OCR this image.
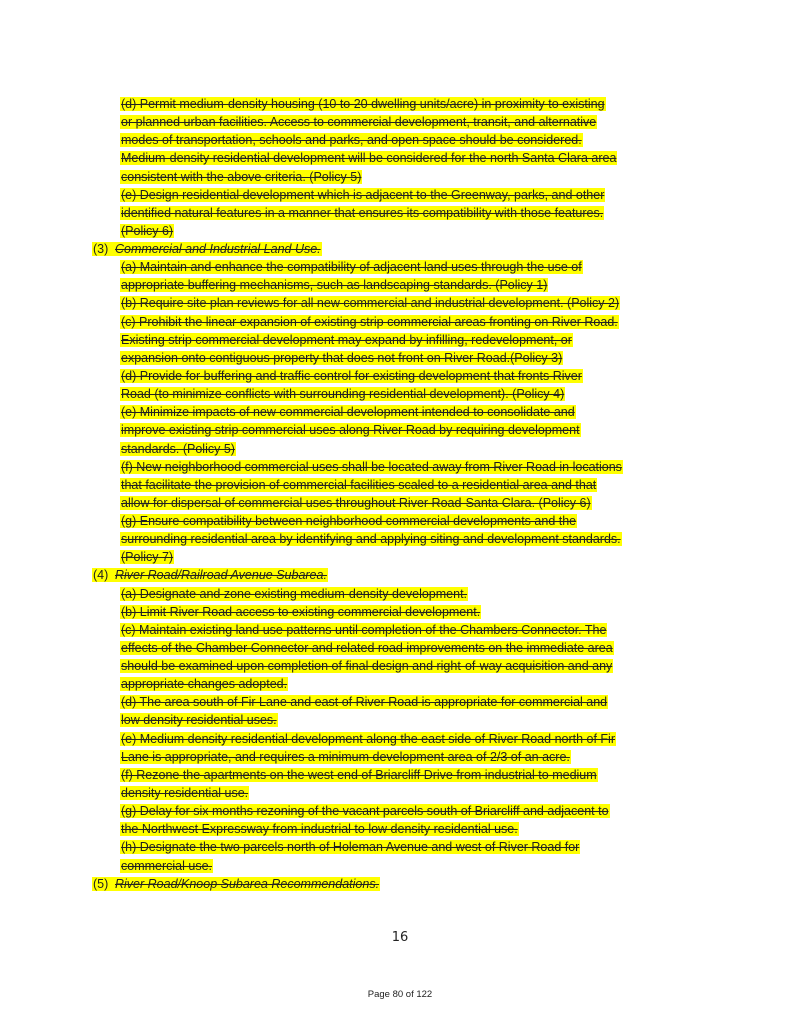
(d) Permit medium-density housing (10 to 20 dwelling units/acre) in proximity to existing
or planned urban facilities. Access to commercial development, transit, and alternative
modes of transportation, schools and parks, and open space should be considered.
Medium-density residential development will be considered for the north Santa Clara area
consistent with the above criteria. (Policy 5)
(e) Design residential development which is adjacent to the Greenway, parks, and other
identified natural features in a manner that ensures its compatibility with those features.
(Policy 6)
(3) Commercial and Industrial Land Use.
(a) Maintain and enhance the compatibility of adjacent land uses through the use of
appropriate buffering mechanisms, such as landscaping standards. (Policy 1)
(b) Require site plan reviews for all new commercial and industrial development. (Policy 2)
(c) Prohibit the linear expansion of existing strip commercial areas fronting on River Road.
Existing strip commercial development may expand by infilling, redevelopment, or
expansion onto contiguous property that does not front on River Road.(Policy 3)
(d) Provide for buffering and traffic control for existing development that fronts River
Road (to minimize conflicts with surrounding residential development). (Policy 4)
(e) Minimize impacts of new commercial development intended to consolidate and
improve existing strip commercial uses along River Road by requiring development
standards. (Policy 5)
(f) New neighborhood commercial uses shall be located away from River Road in locations
that facilitate the provision of commercial facilities scaled to a residential area and that
allow for dispersal of commercial uses throughout River Road-Santa Clara. (Policy 6)
(g) Ensure compatibility between neighborhood commercial developments and the
surrounding residential area by identifying and applying siting and development standards.
(Policy 7)
(4) River Road/Railroad Avenue Subarea.
(a) Designate and zone existing medium-density development.
(b) Limit River Road access to existing commercial development.
(c) Maintain existing land use patterns until completion of the Chambers Connector. The
effects of the Chamber Connector and related road improvements on the immediate area
should be examined upon completion of final design and right-of-way acquisition and any
appropriate changes adopted.
(d) The area south of Fir Lane and east of River Road is appropriate for commercial and
low density residential uses.
(e) Medium density residential development along the east side of River Road north of Fir
Lane is appropriate, and requires a minimum development area of 2/3 of an acre.
(f) Rezone the apartments on the west end of Briarcliff Drive from industrial to medium
density residential use.
(g) Delay for six months rezoning of the vacant parcels south of Briarcliff and adjacent to
the Northwest Expressway from industrial to low density residential use.
(h) Designate the two parcels north of Holeman Avenue and west of River Road for
commercial use.
(5) River Road/Knoop Subarea Recommendations.
16
Page 80 of 122
